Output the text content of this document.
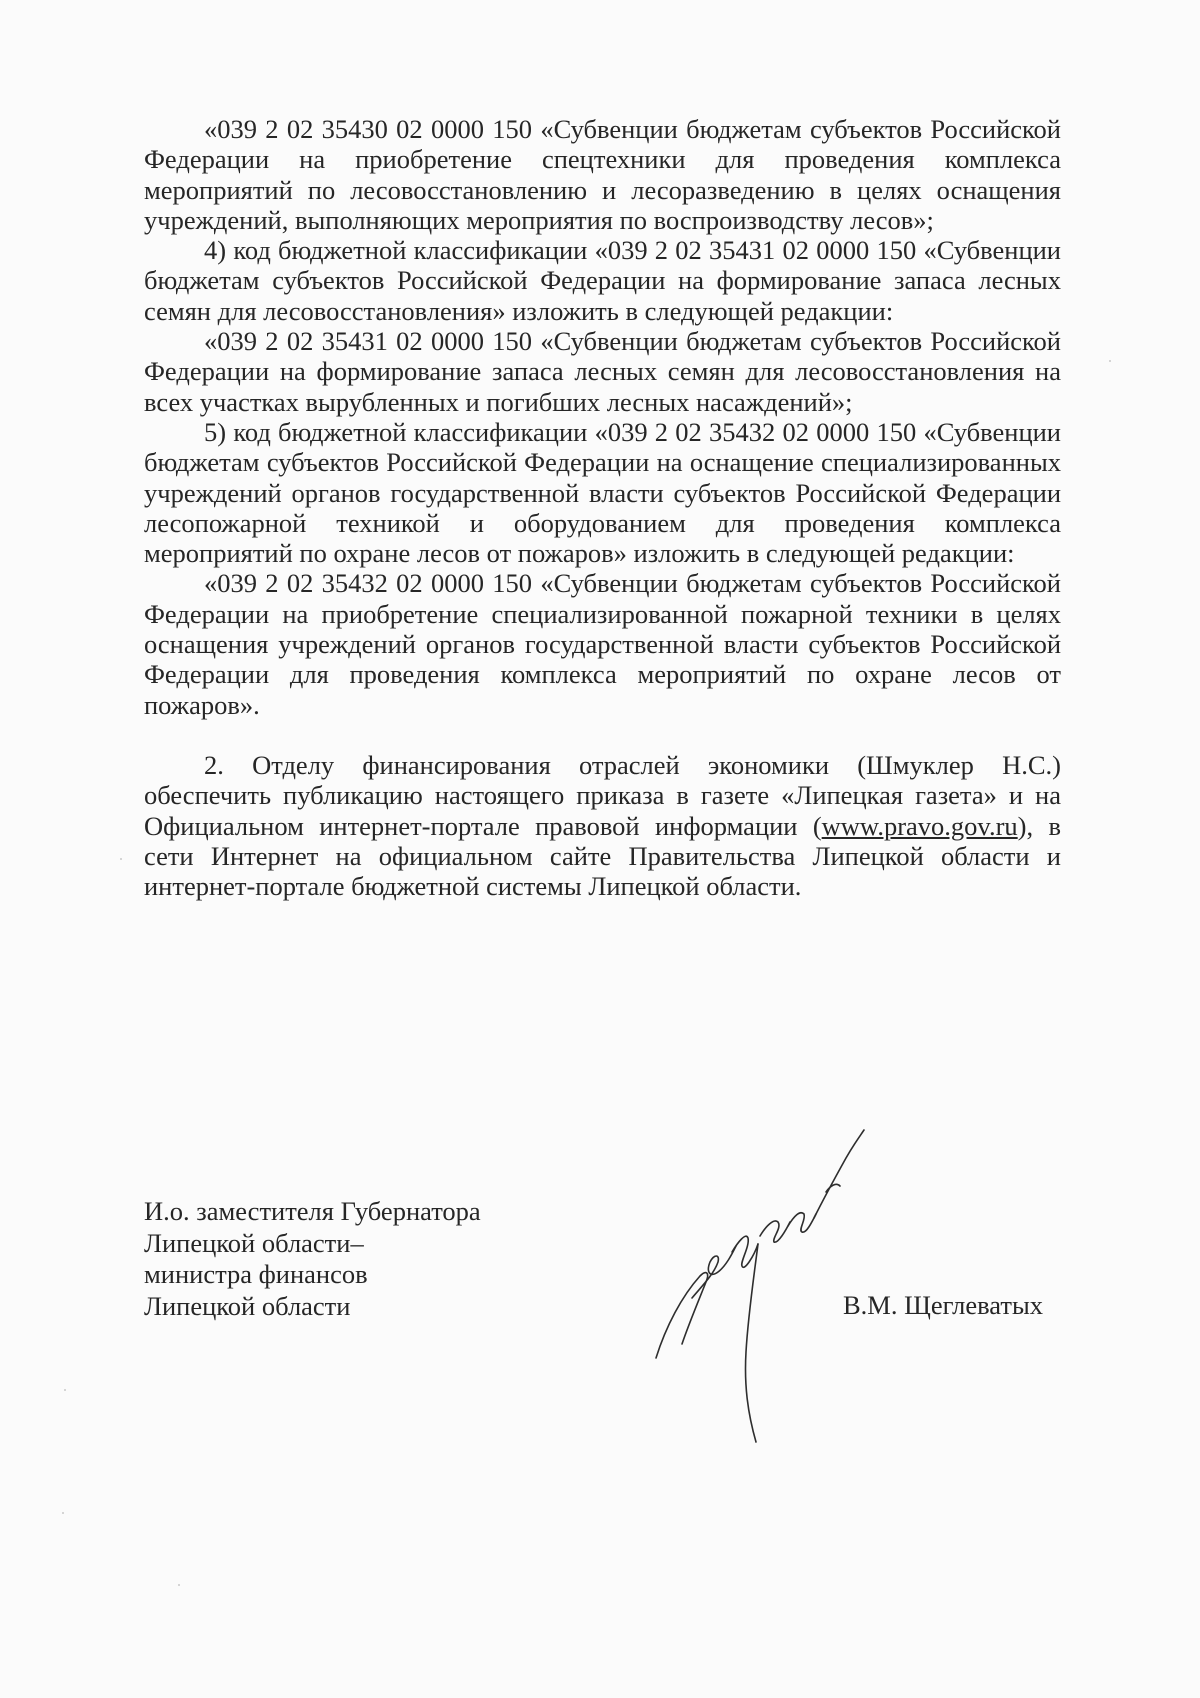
«039 2 02 35430 02 0000 150 «Субвенции бюджетам субъектов Российской Федерации на приобретение спецтехники для проведения комплекса мероприятий по лесовосстановлению и лесоразведению в целях оснащения учреждений, выполняющих мероприятия по воспроизводству лесов»;

4) код бюджетной классификации «039 2 02 35431 02 0000 150 «Субвенции бюджетам субъектов Российской Федерации на формирование запаса лесных семян для лесовосстановления» изложить в следующей редакции:

«039 2 02 35431 02 0000 150 «Субвенции бюджетам субъектов Российской Федерации на формирование запаса лесных семян для лесовосстановления на всех участках вырубленных и погибших лесных насаждений»;

5) код бюджетной классификации «039 2 02 35432 02 0000 150 «Субвенции бюджетам субъектов Российской Федерации на оснащение специализированных учреждений органов государственной власти субъектов Российской Федерации лесопожарной техникой и оборудованием для проведения комплекса мероприятий по охране лесов от пожаров» изложить в следующей редакции:

«039 2 02 35432 02 0000 150 «Субвенции бюджетам субъектов Российской Федерации на приобретение специализированной пожарной техники в целях оснащения учреждений органов государственной власти субъектов Российской Федерации для проведения комплекса мероприятий по охране лесов от пожаров».

2. Отделу финансирования отраслей экономики (Шмуклер Н.С.) обеспечить публикацию настоящего приказа в газете «Липецкая газета» и на Официальном интернет-портале правовой информации (www.pravo.gov.ru), в сети Интернет на официальном сайте Правительства Липецкой области и интернет-портале бюджетной системы Липецкой области.

И.о. заместителя Губернатора
Липецкой области–
министра финансов
Липецкой области	В.М. Щеглеватых
